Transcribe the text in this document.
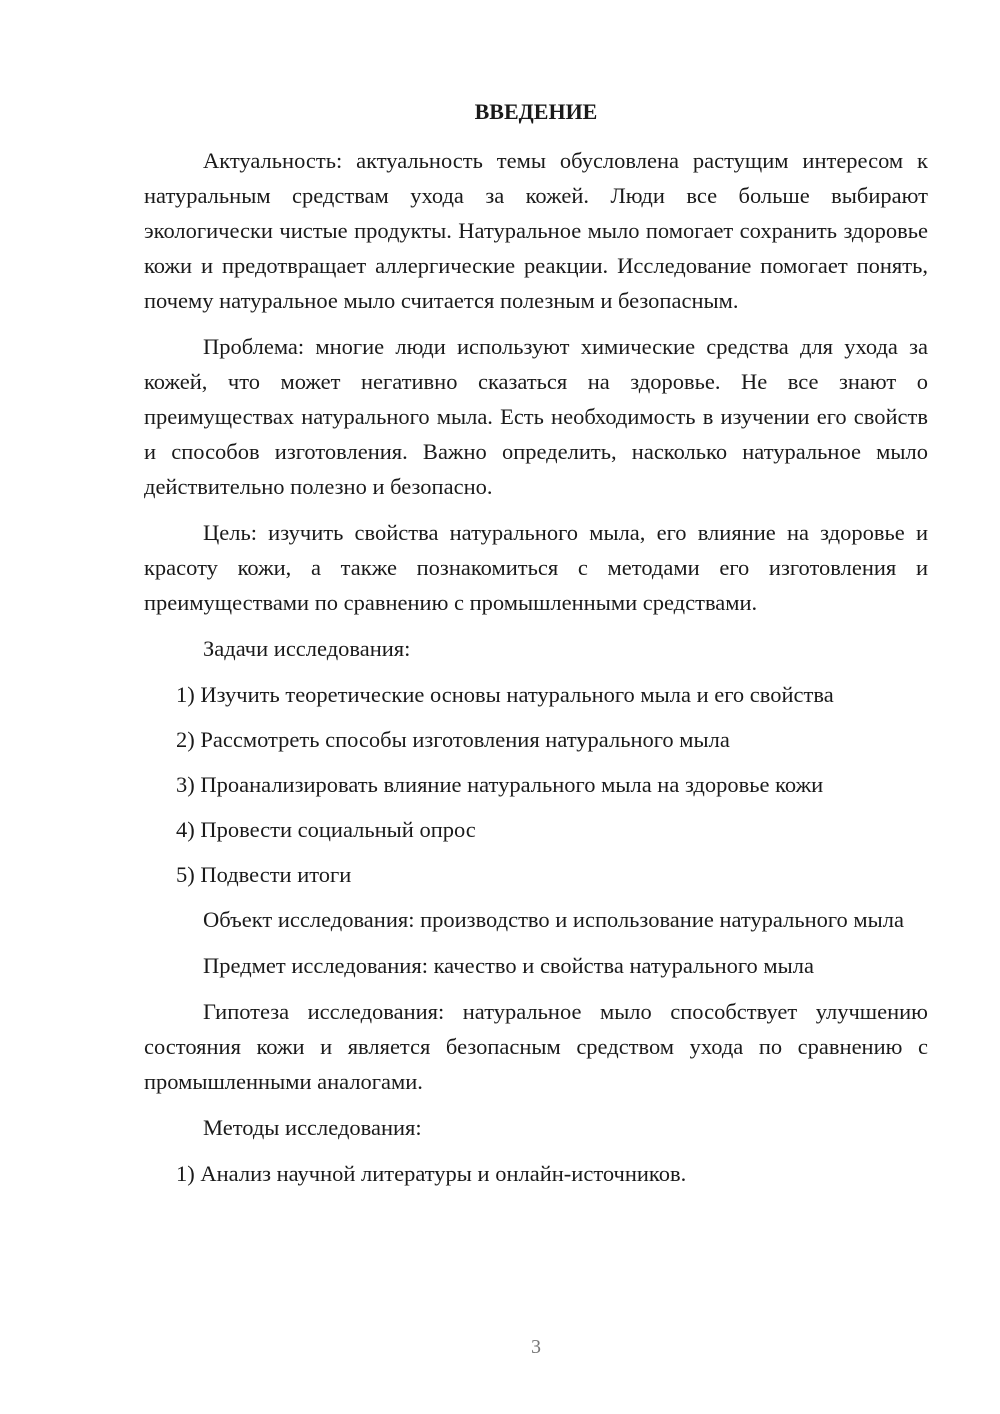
ВВЕДЕНИЕ

Актуальность: актуальность темы обусловлена растущим интересом к натуральным средствам ухода за кожей. Люди все больше выбирают экологически чистые продукты. Натуральное мыло помогает сохранить здоровье кожи и предотвращает аллергические реакции. Исследование помогает понять, почему натуральное мыло считается полезным и безопасным.

Проблема: многие люди используют химические средства для ухода за кожей, что может негативно сказаться на здоровье. Не все знают о преимуществах натурального мыла. Есть необходимость в изучении его свойств и способов изготовления. Важно определить, насколько натуральное мыло действительно полезно и безопасно.

Цель: изучить свойства натурального мыла, его влияние на здоровье и красоту кожи, а также познакомиться с методами его изготовления и преимуществами по сравнению с промышленными средствами.

Задачи исследования:

1) Изучить теоретические основы натурального мыла и его свойства

2) Рассмотреть способы изготовления натурального мыла

3) Проанализировать влияние натурального мыла на здоровье кожи

4) Провести социальный опрос

5) Подвести итоги

Объект исследования: производство и использование натурального мыла

Предмет исследования: качество и свойства натурального мыла

Гипотеза исследования: натуральное мыло способствует улучшению состояния кожи и является безопасным средством ухода по сравнению с промышленными аналогами.

Методы исследования:

1) Анализ научной литературы и онлайн-источников.

3
